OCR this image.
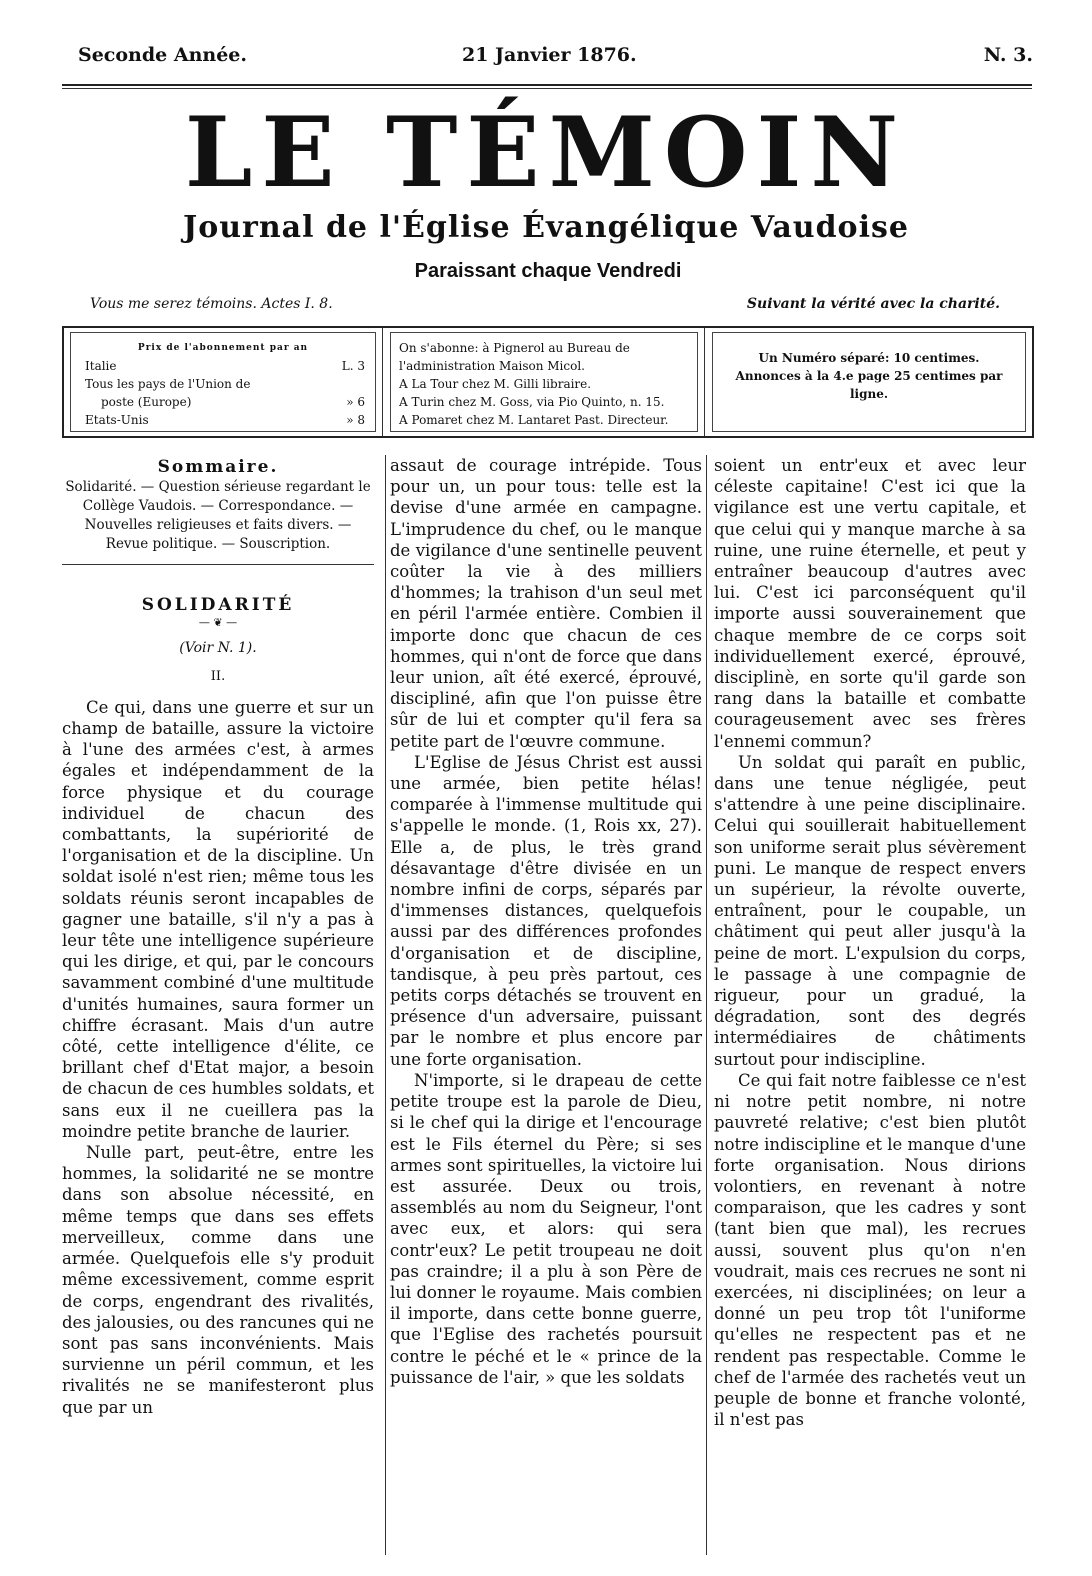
Seconde Année.	21 Janvier 1876.	N. 3.
LE TÉMOIN
Journal de l'Église Évangélique Vaudoise
Paraissant chaque Vendredi
Vous me serez témoins. Actes I. 8.	Suivant la vérité avec la charité.
Prix de l'abonnement par an
Italie	L. 3
Tous les pays de l'Union de
poste (Europe)	» 6
Etats-Unis	» 8
On s'abonne: à Pignerol au Bureau de l'administration Maison Micol.
A La Tour chez M. Gilli libraire.
A Turin chez M. Goss, via Pio Quinto, n. 15.
A Pomaret chez M. Lantaret Past. Directeur.
Un Numéro séparé: 10 centimes.
Annonces à la 4.e page 25 centimes par ligne.
Sommaire.

Solidarité. — Question sérieuse regardant le Collège Vaudois. — Correspondance. — Nouvelles religieuses et faits divers. — Revue politique. — Souscription.

SOLIDARITÉ
— ❦ —
(Voir N. 1).
II.

Ce qui, dans une guerre et sur un champ de bataille, assure la victoire à l'une des armées c'est, à armes égales et indépendamment de la force physique et du courage individuel de chacun des combattants, la supériorité de l'organisation et de la discipline. Un soldat isolé n'est rien; même tous les soldats réunis seront incapables de gagner une bataille, s'il n'y a pas à leur tête une intelligence supérieure qui les dirige, et qui, par le concours savamment combiné d'une multitude d'unités humaines, saura former un chiffre écrasant. Mais d'un autre côté, cette intelligence d'élite, ce brillant chef d'Etat major, a besoin de chacun de ces humbles soldats, et sans eux il ne cueillera pas la moindre petite branche de laurier.

Nulle part, peut-être, entre les hommes, la solidarité ne se montre dans son absolue nécessité, en même temps que dans ses effets merveilleux, comme dans une armée. Quelquefois elle s'y produit même excessivement, comme esprit de corps, engendrant des rivalités, des jalousies, ou des rancunes qui ne sont pas sans inconvénients. Mais survienne un péril commun, et les rivalités ne se manifesteront plus que par un

assaut de courage intrépide. Tous pour un, un pour tous: telle est la devise d'une armée en campagne. L'imprudence du chef, ou le manque de vigilance d'une sentinelle peuvent coûter la vie à des milliers d'hommes; la trahison d'un seul met en péril l'armée entière. Combien il importe donc que chacun de ces hommes, qui n'ont de force que dans leur union, aît été exercé, éprouvé, discipliné, afin que l'on puisse être sûr de lui et compter qu'il fera sa petite part de l'œuvre commune.

L'Eglise de Jésus Christ est aussi une armée, bien petite hélas! comparée à l'immense multitude qui s'appelle le monde. (1, Rois xx, 27). Elle a, de plus, le très grand désavantage d'être divisée en un nombre infini de corps, séparés par d'immenses distances, quelquefois aussi par des différences profondes d'organisation et de discipline, tandisque, à peu près partout, ces petits corps détachés se trouvent en présence d'un adversaire, puissant par le nombre et plus encore par une forte organisation.

N'importe, si le drapeau de cette petite troupe est la parole de Dieu, si le chef qui la dirige et l'encourage est le Fils éternel du Père; si ses armes sont spirituelles, la victoire lui est assurée. Deux ou trois, assemblés au nom du Seigneur, l'ont avec eux, et alors: qui sera contr'eux? Le petit troupeau ne doit pas craindre; il a plu à son Père de lui donner le royaume. Mais combien il importe, dans cette bonne guerre, que l'Eglise des rachetés poursuit contre le péché et le « prince de la puissance de l'air, » que les soldats

soient un entr'eux et avec leur céleste capitaine! C'est ici que la vigilance est une vertu capitale, et que celui qui y manque marche à sa ruine, une ruine éternelle, et peut y entraîner beaucoup d'autres avec lui. C'est ici parconséquent qu'il importe aussi souverainement que chaque membre de ce corps soit individuellement exercé, éprouvé, disciplinè, en sorte qu'il garde son rang dans la bataille et combatte courageusement avec ses frères l'ennemi commun?

Un soldat qui paraît en public, dans une tenue négligée, peut s'attendre à une peine disciplinaire. Celui qui souillerait habituellement son uniforme serait plus sévèrement puni. Le manque de respect envers un supérieur, la révolte ouverte, entraînent, pour le coupable, un châtiment qui peut aller jusqu'à la peine de mort. L'expulsion du corps, le passage à une compagnie de rigueur, pour un gradué, la dégradation, sont des degrés intermédiaires de châtiments surtout pour indiscipline.

Ce qui fait notre faiblesse ce n'est ni notre petit nombre, ni notre pauvreté relative; c'est bien plutôt notre indiscipline et le manque d'une forte organisation. Nous dirions volontiers, en revenant à notre comparaison, que les cadres y sont (tant bien que mal), les recrues aussi, souvent plus qu'on n'en voudrait, mais ces recrues ne sont ni exercées, ni disciplinées; on leur a donné un peu trop tôt l'uniforme qu'elles ne respectent pas et ne rendent pas respectable. Comme le chef de l'armée des rachetés veut un peuple de bonne et franche volonté, il n'est pas
